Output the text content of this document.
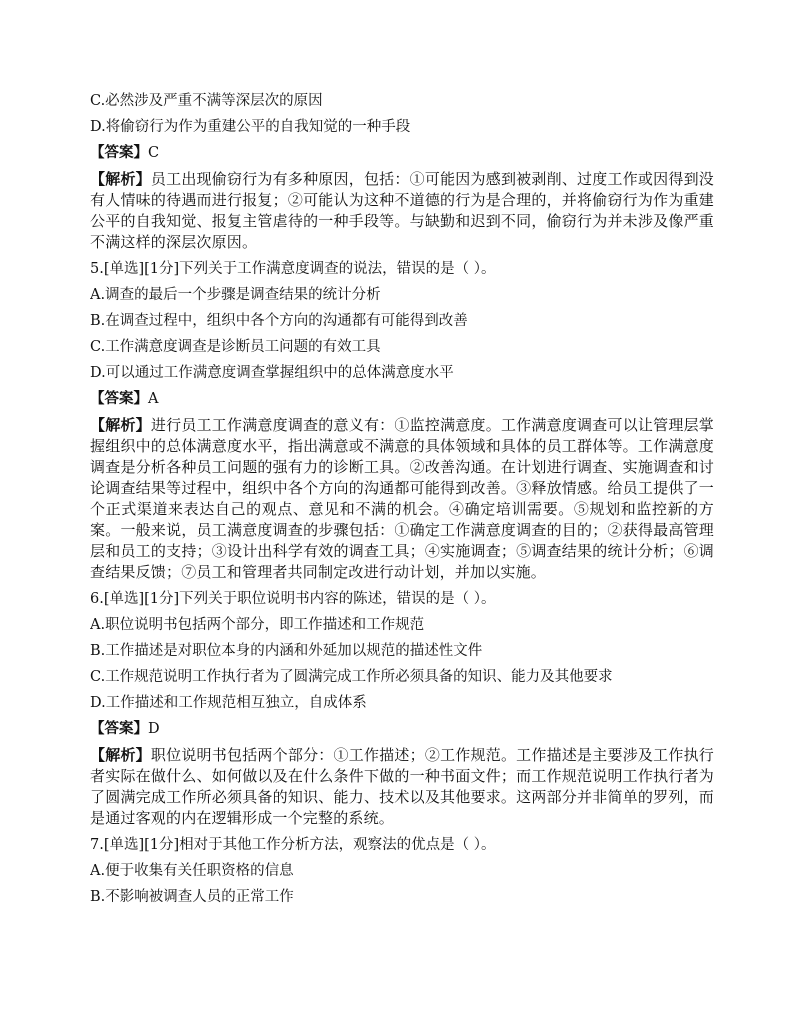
C.必然涉及严重不满等深层次的原因
D.将偷窃行为作为重建公平的自我知觉的一种手段
【答案】C
【解析】员工出现偷窃行为有多种原因，包括：①可能因为感到被剥削、过度工作或因得到没有人情味的待遇而进行报复；②可能认为这种不道德的行为是合理的，并将偷窃行为作为重建公平的自我知觉、报复主管虐待的一种手段等。与缺勤和迟到不同，偷窃行为并未涉及像严重不满这样的深层次原因。
5.[单选][1分]下列关于工作满意度调查的说法，错误的是（ ）。
A.调查的最后一个步骤是调查结果的统计分析
B.在调查过程中，组织中各个方向的沟通都有可能得到改善
C.工作满意度调查是诊断员工问题的有效工具
D.可以通过工作满意度调查掌握组织中的总体满意度水平
【答案】A
【解析】进行员工工作满意度调查的意义有：①监控满意度。工作满意度调查可以让管理层掌握组织中的总体满意度水平，指出满意或不满意的具体领域和具体的员工群体等。工作满意度调查是分析各种员工问题的强有力的诊断工具。②改善沟通。在计划进行调查、实施调查和讨论调查结果等过程中，组织中各个方向的沟通都可能得到改善。③释放情感。给员工提供了一个正式渠道来表达自己的观点、意见和不满的机会。④确定培训需要。⑤规划和监控新的方案。一般来说，员工满意度调查的步骤包括：①确定工作满意度调查的目的；②获得最高管理层和员工的支持；③设计出科学有效的调查工具；④实施调查；⑤调查结果的统计分析；⑥调查结果反馈；⑦员工和管理者共同制定改进行动计划，并加以实施。
6.[单选][1分]下列关于职位说明书内容的陈述，错误的是（ ）。
A.职位说明书包括两个部分，即工作描述和工作规范
B.工作描述是对职位本身的内涵和外延加以规范的描述性文件
C.工作规范说明工作执行者为了圆满完成工作所必须具备的知识、能力及其他要求
D.工作描述和工作规范相互独立，自成体系
【答案】D
【解析】职位说明书包括两个部分：①工作描述；②工作规范。工作描述是主要涉及工作执行者实际在做什么、如何做以及在什么条件下做的一种书面文件；而工作规范说明工作执行者为了圆满完成工作所必须具备的知识、能力、技术以及其他要求。这两部分并非简单的罗列，而是通过客观的内在逻辑形成一个完整的系统。
7.[单选][1分]相对于其他工作分析方法，观察法的优点是（ ）。
A.便于收集有关任职资格的信息
B.不影响被调查人员的正常工作
